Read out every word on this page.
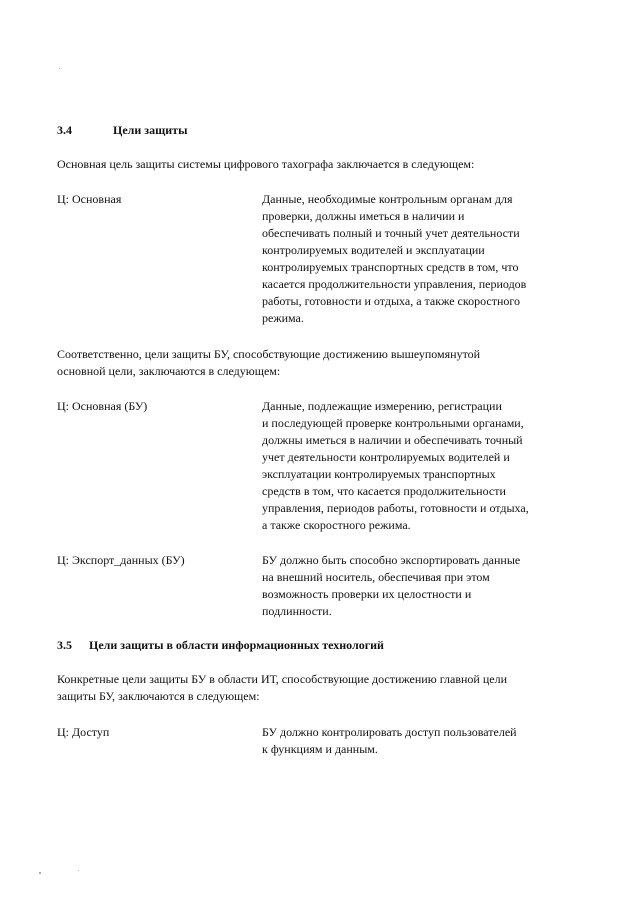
3.4	Цели защиты
Основная цель защиты системы цифрового тахографа заключается в следующем:
Ц: Основная	Данные, необходимые контрольным органам для
проверки, должны иметься в наличии и
обеспечивать полный и точный учет деятельности
контролируемых водителей и эксплуатации
контролируемых транспортных средств в том, что
касается продолжительности управления, периодов
работы, готовности и отдыха, а также скоростного
режима.
Соответственно, цели защиты БУ, способствующие достижению вышеупомянутой
основной цели, заключаются в следующем:
Ц: Основная (БУ)	Данные, подлежащие измерению, регистрации
и последующей проверке контрольными органами,
должны иметься в наличии и обеспечивать точный
учет деятельности контролируемых водителей и
эксплуатации контролируемых транспортных
средств в том, что касается продолжительности
управления, периодов работы, готовности и отдыха,
а также скоростного режима.
Ц: Экспорт_данных (БУ)	БУ должно быть способно экспортировать данные
на внешний носитель, обеспечивая при этом
возможность проверки их целостности и
подлинности.
3.5 Цели защиты в области информационных технологий
Конкретные цели защиты БУ в области ИТ, способствующие достижению главной цели
защиты БУ, заключаются в следующем:
Ц: Доступ	БУ должно контролировать доступ пользователей
к функциям и данным.
